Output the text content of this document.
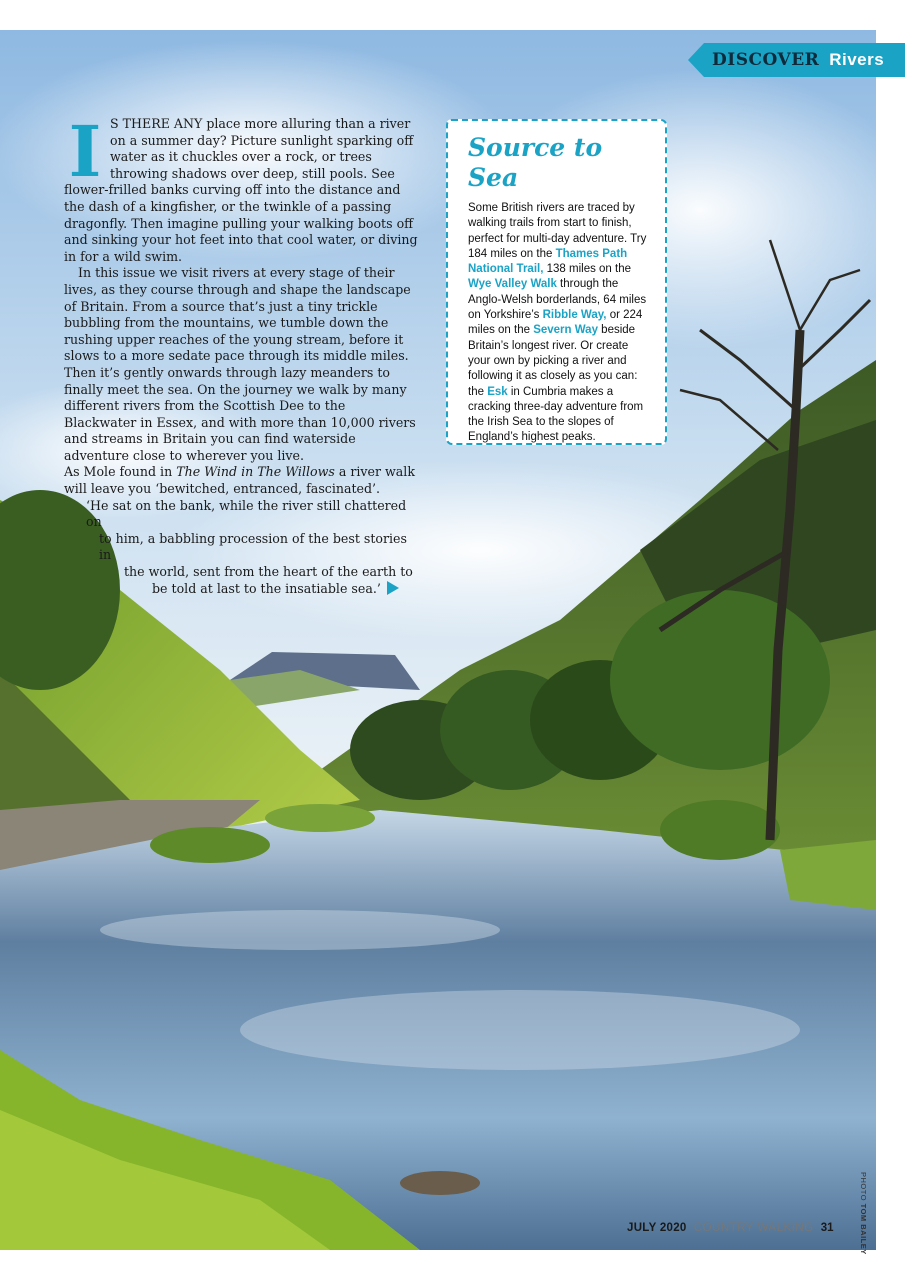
DISCOVER Rivers
I S THERE ANY place more alluring than a river on a summer day? Picture sunlight sparking off water as it chuckles over a rock, or trees throwing shadows over deep, still pools. See flower-frilled banks curving off into the distance and the dash of a kingfisher, or the twinkle of a passing dragonfly. Then imagine pulling your walking boots off and sinking your hot feet into that cool water, or diving in for a wild swim.

In this issue we visit rivers at every stage of their lives, as they course through and shape the landscape of Britain. From a source that’s just a tiny trickle bubbling from the mountains, we tumble down the rushing upper reaches of the young stream, before it slows to a more sedate pace through its middle miles. Then it’s gently onwards through lazy meanders to finally meet the sea. On the journey we walk by many different rivers from the Scottish Dee to the Blackwater in Essex, and with more than 10,000 rivers and streams in Britain you can find waterside adventure close to wherever you live.

As Mole found in The Wind in The Willows a river walk will leave you ‘bewitched, entranced, fascinated’.

‘He sat on the bank, while the river still chattered on
to him, a babbling procession of the best stories in
the world, sent from the heart of the earth to
be told at last to the insatiable sea.’
Source to Sea

Some British rivers are traced by walking trails from start to finish, perfect for multi-day adventure. Try 184 miles on the Thames Path National Trail, 138 miles on the Wye Valley Walk through the Anglo-Welsh borderlands, 64 miles on Yorkshire’s Ribble Way, or 224 miles on the Severn Way beside Britain’s longest river. Or create your own by picking a river and following it as closely as you can: the Esk in Cumbria makes a cracking three-day adventure from the Irish Sea to the slopes of England’s highest peaks.

JULY 2020 COUNTRY WALKING 31
PHOTO TOM BAILEY
